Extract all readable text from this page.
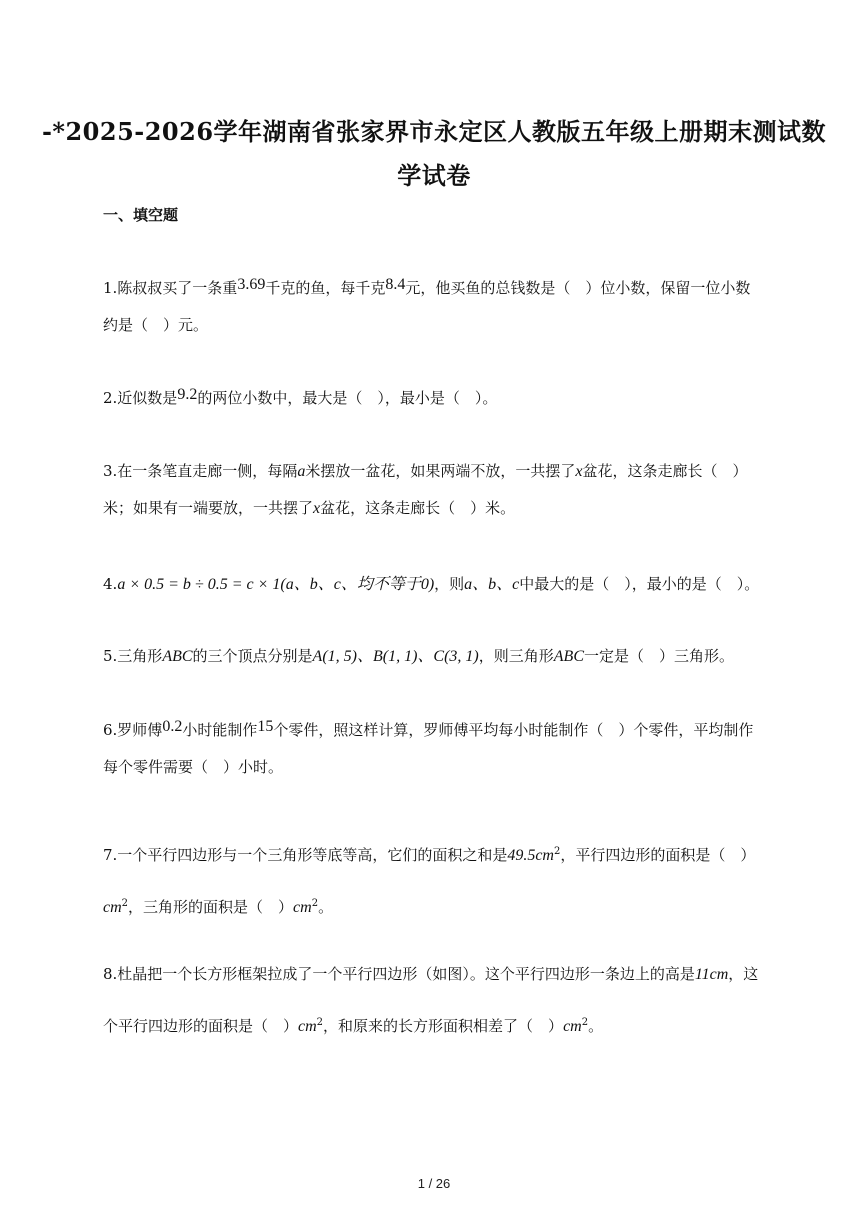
-*2025-2026学年湖南省张家界市永定区人教版五年级上册期末测试数
学试卷
一、填空题
1.陈叔叔买了一条重3.69千克的鱼，每千克8.4元，他买鱼的总钱数是（　）位小数，保留一位小数约是（　）元。
2.近似数是9.2的两位小数中，最大是（　），最小是（　）。
3.在一条笔直走廊一侧，每隔a米摆放一盆花，如果两端不放，一共摆了x盆花，这条走廊长（　）米；如果有一端要放，一共摆了x盆花，这条走廊长（　）米。
4.a × 0.5 = b ÷ 0.5 = c × 1(a、b、c、均不等于0)，则a、b、c中最大的是（　），最小的是（　）。
5.三角形ABC的三个顶点分别是A(1, 5)、B(1, 1)、C(3, 1)，则三角形ABC一定是（　）三角形。
6.罗师傅0.2小时能制作15个零件，照这样计算，罗师傅平均每小时能制作（　）个零件，平均制作每个零件需要（　）小时。
7.一个平行四边形与一个三角形等底等高，它们的面积之和是$49.5cm^2$，平行四边形的面积是（　）$cm^2$，三角形的面积是（　）$cm^2$。
8.杜晶把一个长方形框架拉成了一个平行四边形（如图）。这个平行四边形一条边上的高是11cm，这个平行四边形的面积是（　）$cm^2$，和原来的长方形面积相差了（　）$cm^2$。
1 / 26
